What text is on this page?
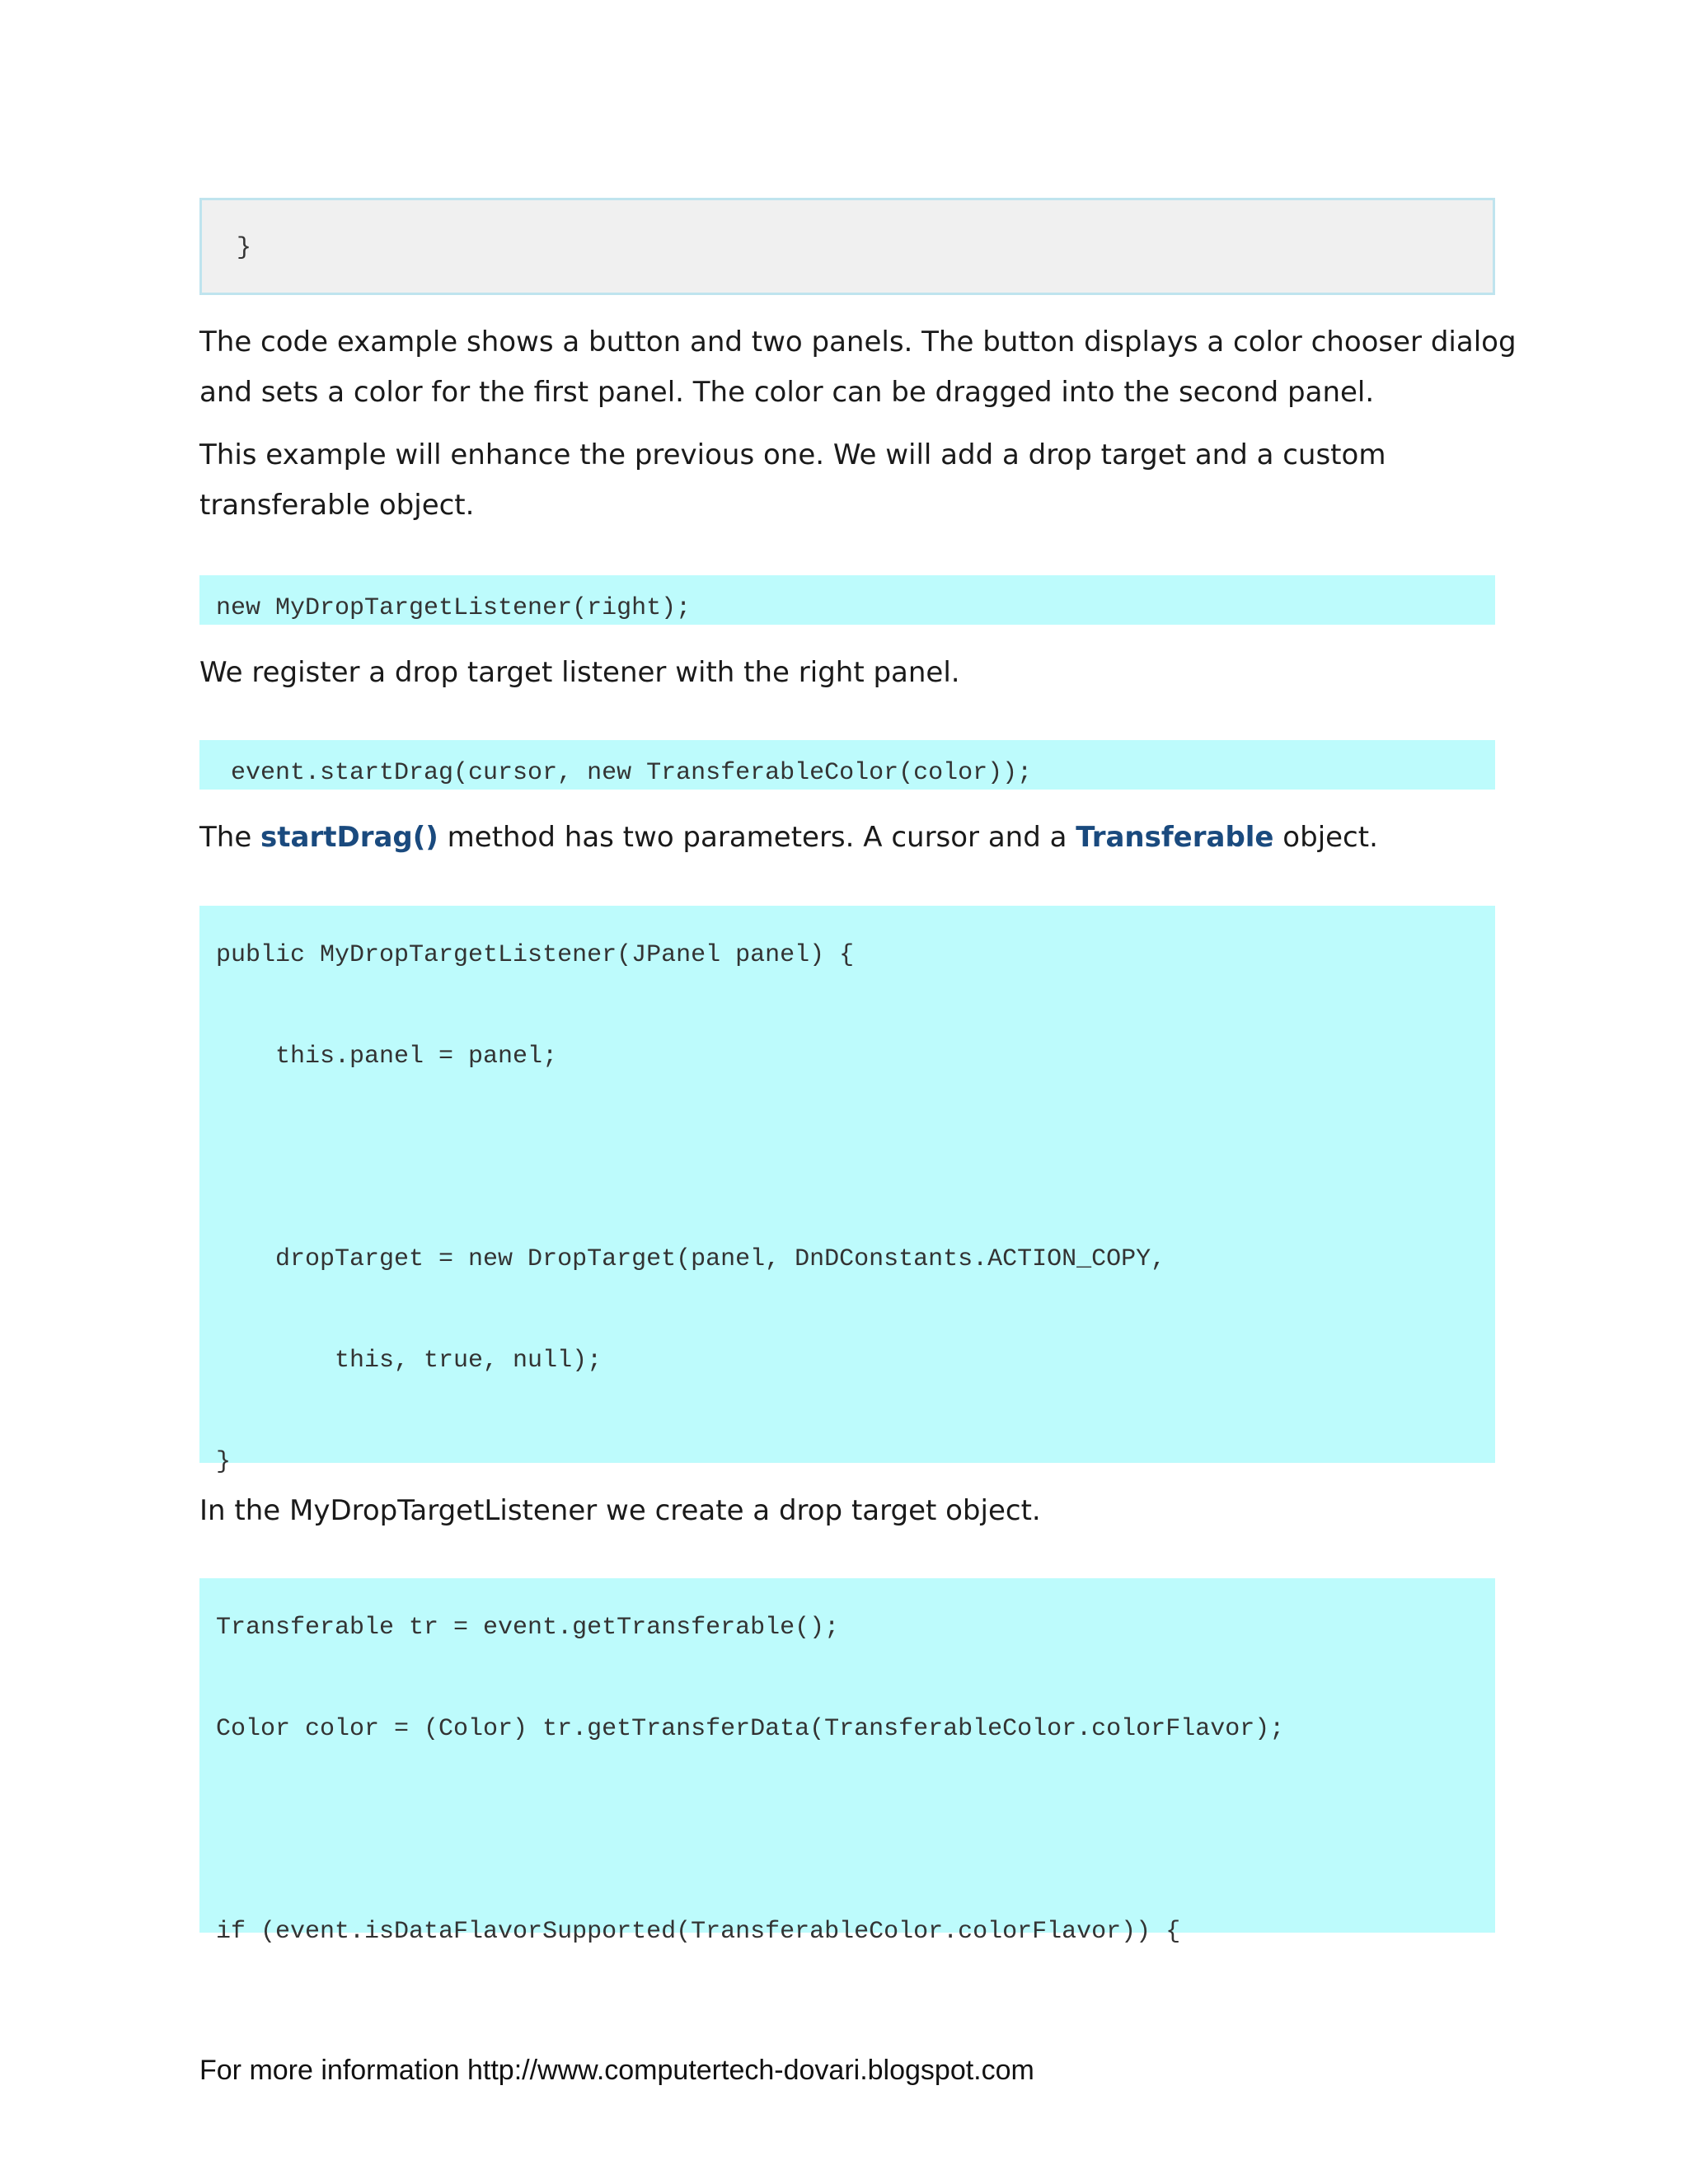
}

The code example shows a button and two panels. The button displays a color chooser dialog and sets a color for the first panel. The color can be dragged into the second panel.
This example will enhance the previous one. We will add a drop target and a custom transferable object.

new MyDropTargetListener(right);

We register a drop target listener with the right panel.

event.startDrag(cursor, new TransferableColor(color));

The startDrag() method has two parameters. A cursor and a Transferable object.

public MyDropTargetListener(JPanel panel) {

this.panel = panel;

dropTarget = new DropTarget(panel, DnDConstants.ACTION_COPY,

this, true, null);

}

In the MyDropTargetListener we create a drop target object.

Transferable tr = event.getTransferable();

Color color = (Color) tr.getTransferData(TransferableColor.colorFlavor);

if (event.isDataFlavorSupported(TransferableColor.colorFlavor)) {

For more information http://www.computertech-dovari.blogspot.com
